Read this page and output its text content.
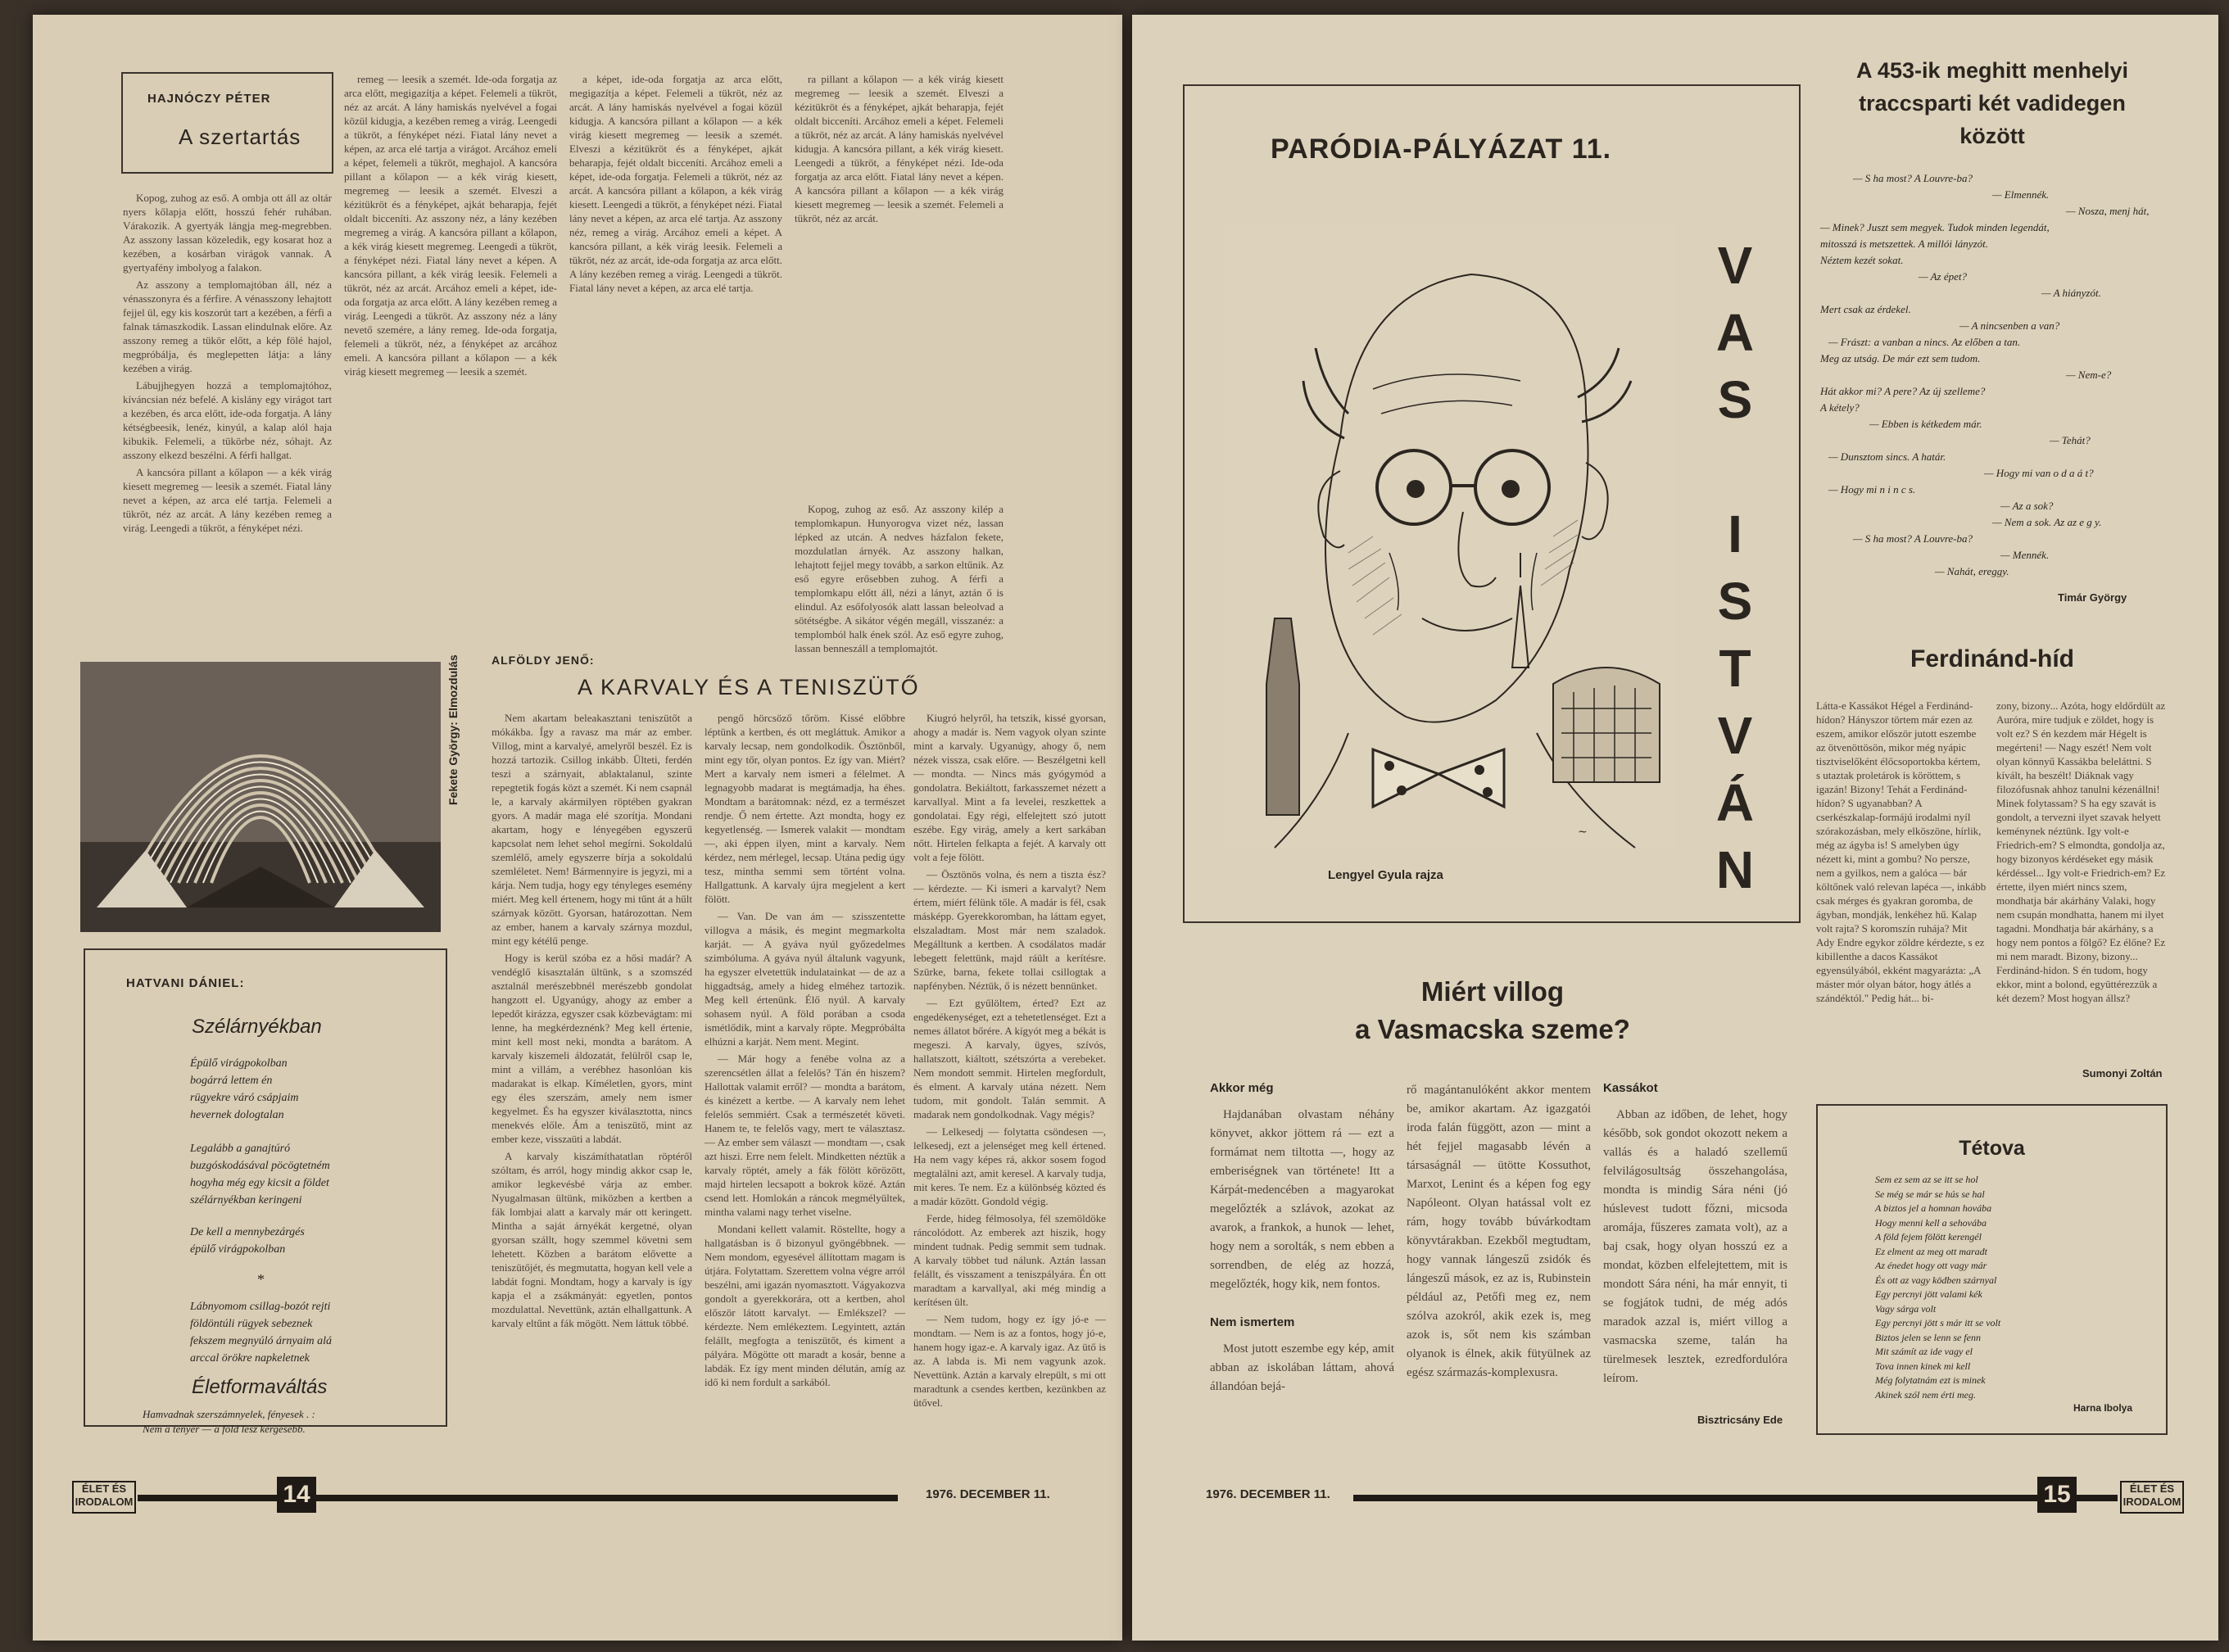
HAJNÓCZY PÉTER
A szertartás

Kopog, zuhog az eső. A ombja ott áll az oltár nyers kőlapja előtt, hosszú fehér ruhában. Várakozik. A gyertyák lángja meg-megrebben. Az asszony lassan közeledik, egy kosarat hoz a kezében, a kosárban virágok vannak. A gyertyafény imbolyog a falakon.

Az asszony a templomajtóban áll, néz a vénasszonyra és a férfire. A vénasszony lehajtott fejjel ül, egy kis koszorút tart a kezében, a férfi a falnak támaszkodik. Lassan elindulnak előre. Az asszony remeg a tükör előtt, a kép fölé hajol, megpróbálja, és meglepetten látja: a lány kezében a virág.

Lábujjhegyen hozzá a templomajtóhoz, kíváncsian néz befelé. A kislány egy virágot tart a kezében, és arca előtt, ide-oda forgatja. A lány kétségbeesik, lenéz, kinyúl, a kalap alól haja kibukik. Felemeli, a tükörbe néz, sóhajt. Az asszony elkezd beszélni. A férfi hallgat.

A kancsóra pillant a kőlapon — a kék virág kiesett megremeg — leesik a szemét. Fiatal lány nevet a képen, az arca elé tartja. Felemeli a tükröt, néz az arcát. A lány kezében remeg a virág. Leengedi a tükröt, a fényképet nézi.

remeg — leesik a szemét. Ide-oda forgatja az arca előtt, megigazítja a képet. Felemeli a tükröt, néz az arcát. A lány hamiskás nyelvével a fogai közül kidugja, a kezében remeg a virág. Leengedi a tükröt, a fényképet nézi. Fiatal lány nevet a képen, az arca elé tartja a virágot. Arcához emeli a képet, felemeli a tükröt, meghajol. A kancsóra pillant a kőlapon — a kék virág kiesett, megremeg — leesik a szemét. Elveszi a kézitükröt és a fényképet, ajkát beharapja, fejét oldalt bicceníti. Az asszony néz, a lány kezében megremeg a virág. A kancsóra pillant a kőlapon, a kék virág kiesett megremeg. Leengedi a tükröt, a fényképet nézi. Fiatal lány nevet a képen. A kancsóra pillant, a kék virág leesik. Felemeli a tükröt, néz az arcát. Arcához emeli a képet, ide-oda forgatja az arca előtt. A lány kezében remeg a virág. Leengedi a tükröt. Az asszony néz a lány nevető szemére, a lány remeg. Ide-oda forgatja, felemeli a tükröt, néz, a fényképet az arcához emeli. A kancsóra pillant a kőlapon — a kék virág kiesett megremeg — leesik a szemét.

a képet, ide-oda forgatja az arca előtt, megigazítja a képet. Felemeli a tükröt, néz az arcát. A lány hamiskás nyelvével a fogai közül kidugja. A kancsóra pillant a kőlapon — a kék virág kiesett megremeg — leesik a szemét. Elveszi a kézitükröt és a fényképet, ajkát beharapja, fejét oldalt bicceníti. Arcához emeli a képet, ide-oda forgatja. Felemeli a tükröt, néz az arcát. A kancsóra pillant a kőlapon, a kék virág kiesett. Leengedi a tükröt, a fényképet nézi. Fiatal lány nevet a képen, az arca elé tartja. Az asszony néz, remeg a virág. Arcához emeli a képet. A kancsóra pillant, a kék virág leesik. Felemeli a tükröt, néz az arcát, ide-oda forgatja az arca előtt. A lány kezében remeg a virág. Leengedi a tükröt. Fiatal lány nevet a képen, az arca elé tartja.

ra pillant a kőlapon — a kék virág kiesett megremeg — leesik a szemét. Elveszi a kézitükröt és a fényképet, ajkát beharapja, fejét oldalt bicceníti. Arcához emeli a képet. Felemeli a tükröt, néz az arcát. A lány hamiskás nyelvével kidugja. A kancsóra pillant, a kék virág kiesett. Leengedi a tükröt, a fényképet nézi. Ide-oda forgatja az arca előtt. Fiatal lány nevet a képen. A kancsóra pillant a kőlapon — a kék virág kiesett megremeg — leesik a szemét. Felemeli a tükröt, néz az arcát.

Kopog, zuhog az eső. Az asszony kilép a templomkapun. Hunyorogva vizet néz, lassan lépked az utcán. A nedves házfalon fekete, mozdulatlan árnyék. Az asszony halkan, lehajtott fejjel megy tovább, a sarkon eltűnik. Az eső egyre erősebben zuhog. A férfi a templomkapu előtt áll, nézi a lányt, aztán ő is elindul. Az esőfolyosók alatt lassan beleolvad a sötétségbe. A sikátor végén megáll, visszanéz: a templomból halk ének szól. Az eső egyre zuhog, lassan benneszáll a templomajtót.

Fekete György: Elmozdulás	ALFÖLDY JENŐ:
A KARVALY ÉS A TENISZÜTŐ

Nem akartam beleakasztani teniszütőt a mókákba. Így a ravasz ma már az ember. Villog, mint a karvalyé, amelyről beszél. Ez is hozzá tartozik. Csillog inkább. Ülteti, ferdén teszi a szárnyait, ablaktalanul, szinte repegtetik fogás közt a szemét. Ki nem csapnál le, a karvaly akármilyen röptében gyakran gyors. A madár maga elé szorítja. Mondani akartam, hogy e lényegében egyszerű kapcsolat nem lehet sehol megírni. Sokoldalú szemlélő, amely egyszerre bírja a sokoldalú szemléletet. Nem! Bármennyire is jegyzi, mi a kárja. Nem tudja, hogy egy tényleges esemény miért. Meg kell értenem, hogy mi tűnt át a hűlt szárnyak között. Gyorsan, határozottan. Nem az ember, hanem a karvaly szárnya mozdul, mint egy kétélű penge.

Hogy is kerül szóba ez a hősi madár? A vendéglő kisasztalán ültünk, s a szomszéd asztalnál merészebbnél merészebb gondolat hangzott el. Ugyanúgy, ahogy az ember a lepedőt kirázza, egyszer csak közbevágtam: mi lenne, ha megkérdeznénk? Meg kell értenie, mint kell most neki, mondta a barátom. A karvaly kiszemeli áldozatát, felülről csap le, mint a villám, a verébhez hasonlóan kis madarakat is elkap. Kíméletlen, gyors, mint egy éles szerszám, amely nem ismer kegyelmet. És ha egyszer kiválasztotta, nincs menekvés előle. Ám a teniszütő, mint az ember keze, visszaüti a labdát.

A karvaly kiszámíthatatlan röptéről szóltam, és arról, hogy mindig akkor csap le, amikor legkevésbé várja az ember. Nyugalmasan ültünk, miközben a kertben a fák lombjai alatt a karvaly már ott keringett. Mintha a saját árnyékát kergetné, olyan gyorsan szállt, hogy szemmel követni sem lehetett. Közben a barátom elővette a teniszütőjét, és megmutatta, hogyan kell vele a labdát fogni. Mondtam, hogy a karvaly is így kapja el a zsákmányát: egyetlen, pontos mozdulattal. Nevettünk, aztán elhallgattunk. A karvaly eltűnt a fák mögött. Nem láttuk többé.

pengő hörcsöző tőröm. Kissé előbbre léptünk a kertben, és ott megláttuk. Amikor a karvaly lecsap, nem gondolkodik. Ösztönből, mint egy tőr, olyan pontos. Ez így van. Miért? Mert a karvaly nem ismeri a félelmet. A legnagyobb madarat is megtámadja, ha éhes. Mondtam a barátomnak: nézd, ez a természet rendje. Ő nem értette. Azt mondta, hogy ez kegyetlenség. — Ismerek valakit — mondtam —, aki éppen ilyen, mint a karvaly. Nem kérdez, nem mérlegel, lecsap. Utána pedig úgy tesz, mintha semmi sem történt volna. Hallgattunk. A karvaly újra megjelent a kert fölött.

— Van. De van ám — szisszentette villogva a másik, és megint megmarkolta karját. — A gyáva nyúl győzedelmes szimbóluma. A gyáva nyúl általunk vagyunk, ha egyszer elvetettük indulatainkat — de az a higgadtság, amely a hideg elméhez tartozik. Meg kell értenünk. Élő nyúl. A karvaly sohasem nyúl. A föld porában a csoda ismétlődik, mint a karvaly röpte. Megpróbálta elhúzni a karját. Nem ment. Megint.

— Már hogy a fenébe volna az a szerencsétlen állat a felelős? Tán én hiszem? Hallottak valamit erről? — mondta a barátom, és kinézett a kertbe. — A karvaly nem lehet felelős semmiért. Csak a természetét követi. Hanem te, te felelős vagy, mert te választasz. — Az ember sem választ — mondtam —, csak azt hiszi. Erre nem felelt. Mindketten néztük a karvaly röptét, amely a fák fölött körözött, majd hirtelen lecsapott a bokrok közé. Aztán csend lett. Homlokán a ráncok megmélyültek, mintha valami nagy terhet viselne.

Mondani kellett valamit. Röstellte, hogy a hallgatásban is ő bizonyul gyöngébbnek. — Nem mondom, egyesével állítottam magam is útjára. Folytattam. Szerettem volna végre arról beszélni, ami igazán nyomasztott. Vágyakozva gondolt a gyerekkorára, ott a kertben, ahol először látott karvalyt. — Emlékszel? — kérdezte. Nem emlékeztem. Legyintett, aztán felállt, megfogta a teniszütőt, és kiment a pályára. Mögötte ott maradt a kosár, benne a labdák. Ez így ment minden délután, amíg az idő ki nem fordult a sarkából.

Kiugró helyről, ha tetszik, kissé gyorsan, ahogy a madár is. Nem vagyok olyan szinte mint a karvaly. Ugyanúgy, ahogy ő, nem nézek vissza, csak előre. — Beszélgetni kell — mondta. — Nincs más gyógymód a gondolatra. Bekiáltott, farkasszemet nézett a karvallyal. Mint a fa levelei, reszkettek a gondolatai. Egy régi, elfelejtett szó jutott eszébe. Egy virág, amely a kert sarkában nőtt. Hirtelen felkapta a fejét. A karvaly ott volt a feje fölött.

— Ösztönös volna, és nem a tiszta ész? — kérdezte. — Ki ismeri a karvalyt? Nem értem, miért félünk tőle. A madár is fél, csak másképp. Gyerekkoromban, ha láttam egyet, elszaladtam. Most már nem szaladok. Megálltunk a kertben. A csodálatos madár lebegett felettünk, majd ráült a kerítésre. Szürke, barna, fekete tollai csillogtak a napfényben. Néztük, ő is nézett bennünket.

— Ezt gyűlöltem, érted? Ezt az engedékenységet, ezt a tehetetlenséget. Ezt a nemes állatot bőrére. A kígyót meg a békát is megeszi. A karvaly, ügyes, szívós, hallatszott, kiáltott, szétszórta a verebeket. Nem mondott semmit. Hirtelen megfordult, és elment. A karvaly utána nézett. Nem tudom, mit gondolt. Talán semmit. A madarak nem gondolkodnak. Vagy mégis?

— Lelkesedj — folytatta csöndesen —, lelkesedj, ezt a jelenséget meg kell értened. Ha nem vagy képes rá, akkor sosem fogod megtalálni azt, amit keresel. A karvaly tudja, mit keres. Te nem. Ez a különbség közted és a madár között. Gondold végig.

Ferde, hideg félmosolya, fél szemöldöke ráncolódott. Az emberek azt hiszik, hogy mindent tudnak. Pedig semmit sem tudnak. A karvaly többet tud nálunk. Aztán lassan felállt, és visszament a teniszpályára. Én ott maradtam a karvallyal, aki még mindig a kerítésen ült.

— Nem tudom, hogy ez így jó-e — mondtam. — Nem is az a fontos, hogy jó-e, hanem hogy igaz-e. A karvaly igaz. Az ütő is az. A labda is. Mi nem vagyunk azok. Nevettünk. Aztán a karvaly elrepült, s mi ott maradtunk a csendes kertben, kezünkben az ütővel.

HATVANI DÁNIEL:
Szélárnyékban
Épülő virágpokolban
bogárrá lettem én
rügyekre váró csápjaim
hevernek dologtalan
Legalább a ganajtúró
buzgóskodásával pöcögtetném
hogyha még egy kicsit a földet
szélárnyékban keringeni
De kell a mennybezárgés
épülő virágpokolban
*
Lábnyomom csillag-bozót rejti
földöntúli rügyek sebeznek
fekszem megnyúló árnyaim alá
arccal örökre napkeletnek
Életformaváltás
Hamvadnak szerszámnyelek, fényesek . :
Nem a tenyér — a föld lesz kérgesebb.
ÉLET ÉS
IRODALOM	14	1976. DECEMBER 11.
PARÓDIA-PÁLYÁZAT 11.
~
V
A
S
I
S
T
V
Á
N
Lengyel Gyula rajza
A 453-ik meghitt menhelyi
traccsparti két vadidegen
között
— S ha most? A Louvre-ba?
— Elmennék.
— Nosza, menj hát,
— Minek? Juszt sem megyek. Tudok minden legendát,
mitosszá is metszettek. A millói lányzót.
Néztem kezét sokat.
— Az épet?
— A hiányzót.
Mert csak az érdekel.
— A nincsenben a van?
— Frászt: a vanban a nincs. Az előben a tan.
Meg az utság. De már ezt sem tudom.
— Nem-e?
Hát akkor mi? A pere? Az új szelleme?
A kétely?
— Ebben is kétkedem már.
— Tehát?
— Dunsztom sincs. A határ.
— Hogy mi van o d a á t?
— Hogy mi n i n c s.
— Az a sok?
— Nem a sok. Az az e g y.
— S ha most? A Louvre-ba?
— Mennék.
— Nahát, ereggy.
Timár György
Ferdinánd-híd

Látta-e Kassákot Hégel a Ferdinánd-hídon? Hányszor törtem már ezen az eszem, amikor először jutott eszembe az ötvenöttösön, mikor még nyápic tisztviselőként élőcsoportokba kértem, s utaztak proletárok is köröttem, s igazán! Bizony! Tehát a Ferdinánd-hídon? S ugyanabban? A cserkészkalap-formájú irodalmi nyíl szórakozásban, mely elköszöne, hírlik, még az ágyba is! S amelyben úgy nézett ki, mint a gombu? No persze, nem a gyilkos, nem a galóca — bár költőnek való relevan lapéca —, inkább csak mérges és gyakran goromba, de ágyban, mondják, lenkéhez hű. Kalap volt rajta? S koromszín ruhája? Mit Ady Endre egykor zöldre kérdezte, s ez kibillenthe a dacos Kassákot egyensúlyából, ekként magyarázta: „A máster mór olyan bátor, hogy átlés a szándéktól." Pedig hát... bi-

zony, bizony... Azóta, hogy eldőrdült az Auróra, mire tudjuk e zöldet, hogy is volt ez? S én kezdem már Hégelt is megérteni! — Nagy eszét! Nem volt olyan könnyű Kassákba beleláttni. S kívált, ha beszélt! Diáknak vagy filozófusnak ahhoz tanulni kézenállni! Minek folytassam? S ha egy szavát is gondolt, a tervezni ilyet szavak helyett keménynek néztünk. Igy volt-e Friedrich-em? S elmondta, gondolja az, hogy bizonyos kérdéseket egy másik kérdéssel... Igy volt-e Friedrich-em? Ez értette, ilyen miért nincs szem, mondhatja bár akárhány Valaki, hogy nem csupán mondhatta, hanem mi ilyet tagadni. Mondhatja bár akárhány, s a hogy nem pontos a fölgő? Ez élőne? Ez mi nem maradt. Bizony, bizony... Ferdinánd-hídon. S én tudom, hogy ekkor, mint a bolond, együttérezzük a két dezem? Most hogyan állsz?

Sumonyi Zoltán
Miért villog
a Vasmacska szeme?
Akkor még

Hajdanában olvastam néhány könyvet, akkor jöttem rá — ezt a formámat nem tiltotta —, hogy az emberiségnek van története! Itt a Kárpát-medencében a magyarokat megelőzték a szlávok, azokat az avarok, a frankok, a hunok — lehet, hogy nem a sorolták, s nem ebben a sorrendben, de elég az hozzá, megelőzték, hogy kik, nem fontos.

Nem ismertem

Most jutott eszembe egy kép, amit abban az iskolában láttam, ahová állandóan bejá-

rő magántanulóként akkor mentem be, amikor akartam. Az igazgatói iroda falán függött, azon — mint a hét fejjel magasabb lévén a társaságnál — ütötte Kossuthot, Marxot, Lenint és a képen fog egy Napóleont. Olyan hatással volt ez rám, hogy tovább búvárkodtam könyvtárakban. Ezekből megtudtam, hogy vannak lángeszű zsidók és lángeszű mások, ez az is, Rubinstein például az, Petőfi meg ez, nem szólva azokról, akik ezek is, meg azok is, sőt nem kis számban olyanok is élnek, akik fütyülnek az egész származás-komplexusra.

Kassákot

Abban az időben, de lehet, hogy később, sok gondot okozott nekem a vallás és a haladó szellemű felvilágosultság összehangolása, mondta is mindig Sára néni (jó húslevest tudott főzni, micsoda aromája, fűszeres zamata volt), az a baj csak, hogy olyan hosszú ez a mondat, közben elfelejtettem, mit is mondott Sára néni, ha már ennyit, ti se fogjátok tudni, de még adós maradok azzal is, miért villog a vasmacska szeme, talán ha türelmesek lesztek, ezredfordulóra leírom.

Bisztricsány Ede
Tétova
Sem ez sem az se itt se hol
Se még se már se hús se hal
A biztos jel a homnan hovába
Hogy menni kell a sehovába
A föld fejem fölött kerengél
Ez elment az meg ott maradt
Az énedet hogy ott vagy már
És ott az vagy ködben szárnyal
Egy percnyi jött valami kék
Vagy sárga volt
Egy percnyi jött s már itt se volt
Biztos jelen se lenn se fenn
Mit számít az ide vagy el
Tova innen kinek mi kell
Még folytatnám ezt is minek
Akinek szól nem érti meg.
Harna Ibolya
1976. DECEMBER 11.	15	ÉLET ÉS
IRODALOM
